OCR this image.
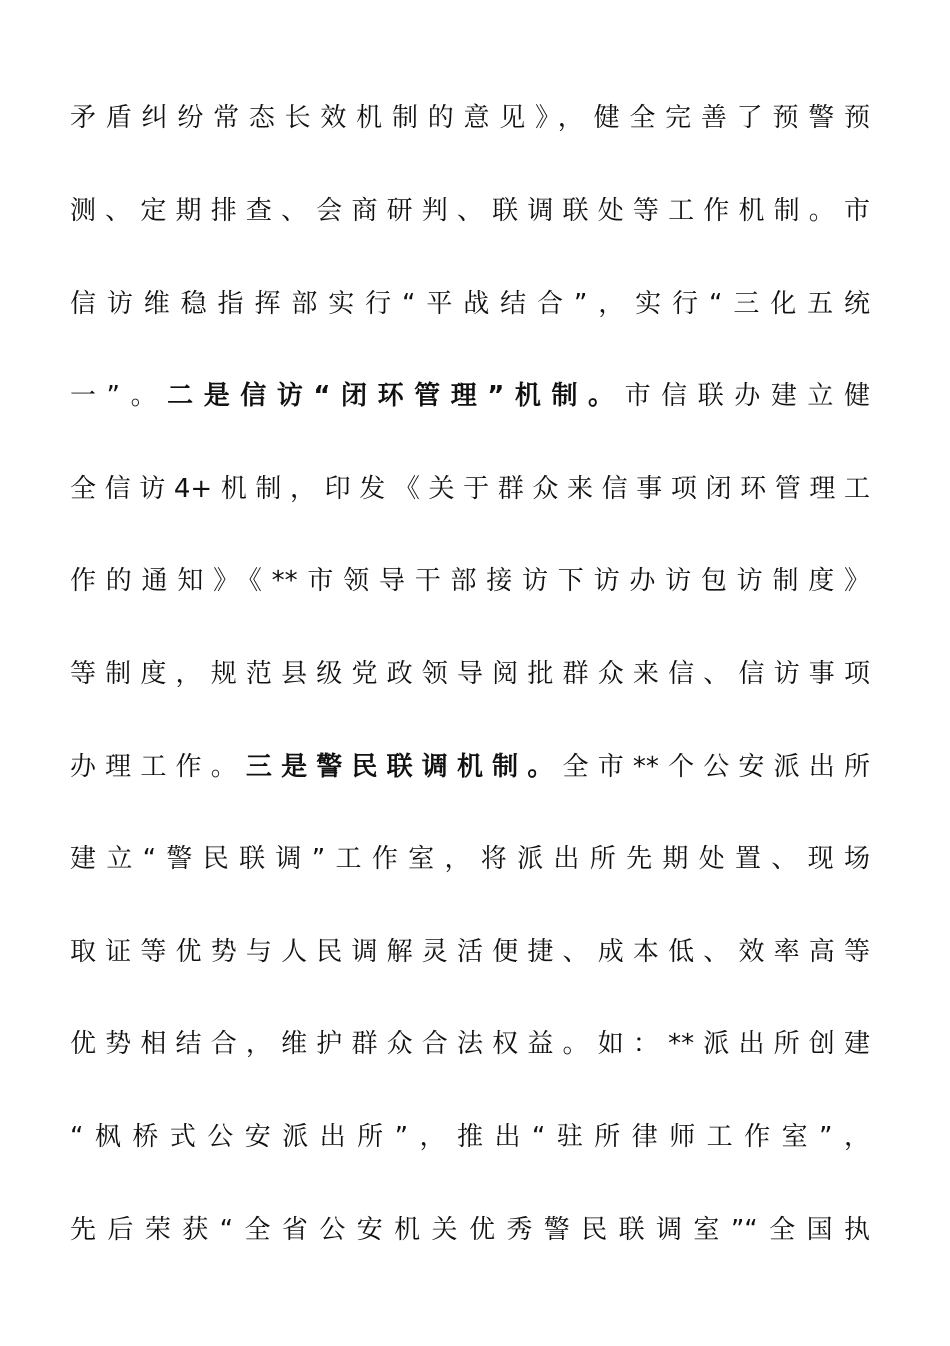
矛盾纠纷常态长效机制的意见》，健全完善了预警预
测、定期排查、会商研判、联调联处等工作机制。市
信访维稳指挥部实行“平战结合”，实行“三化五统
一”。二是信访“闭环管理”机制。市信联办建立健
全信访4+机制，印发《关于群众来信事项闭环管理工
作的通知》《**市领导干部接访下访办访包访制度》
等制度，规范县级党政领导阅批群众来信、信访事项
办理工作。三是警民联调机制。全市**个公安派出所
建立“警民联调”工作室，将派出所先期处置、现场
取证等优势与人民调解灵活便捷、成本低、效率高等
优势相结合，维护群众合法权益。如：**派出所创建
“枫桥式公安派出所”，推出“驻所律师工作室”，
先后荣获“全省公安机关优秀警民联调室”“全国执
